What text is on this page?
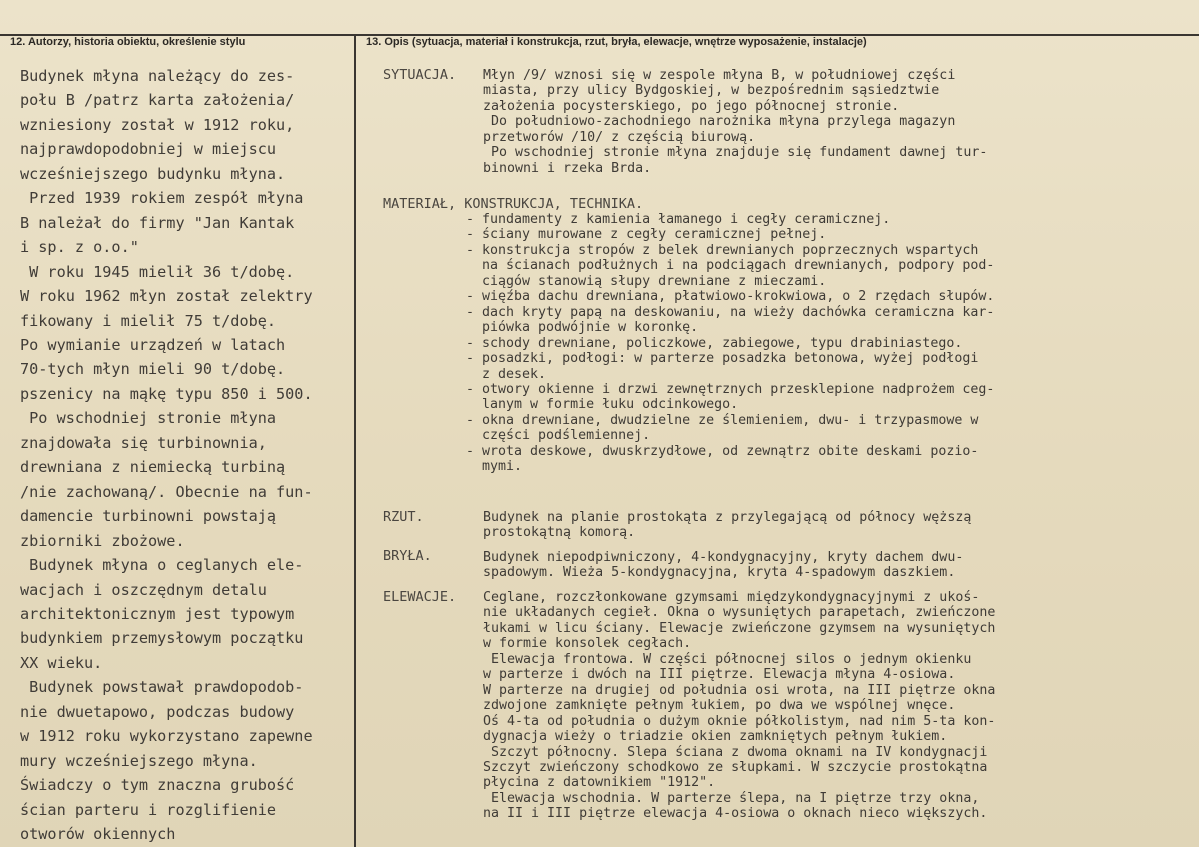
12. Autorzy, historia obiektu, określenie stylu	13. Opis (sytuacja, materiał i konstrukcja, rzut, bryła, elewacje, wnętrze wyposażenie, instalacje)
Budynek młyna należący do zes-
połu B /patrz karta założenia/
wzniesiony został w 1912 roku,
najprawdopodobniej w miejscu
wcześniejszego budynku młyna.
Przed 1939 rokiem zespół młyna
B należał do firmy "Jan Kantak
i sp. z o.o."
W roku 1945 mielił 36 t/dobę.
W roku 1962 młyn został zelektry
fikowany i mielił 75 t/dobę.
Po wymianie urządzeń w latach
70-tych młyn mieli 90 t/dobę.
pszenicy na mąkę typu 850 i 500.
Po wschodniej stronie młyna
znajdowała się turbinownia,
drewniana z niemiecką turbiną
/nie zachowaną/. Obecnie na fun-
damencie turbinowni powstają
zbiorniki zbożowe.
Budynek młyna o ceglanych ele-
wacjach i oszczędnym detalu
architektonicznym jest typowym
budynkiem przemysłowym początku
XX wieku.
Budynek powstawał prawdopodob-
nie dwuetapowo, podczas budowy
w 1912 roku wykorzystano zapewne
mury wcześniejszego młyna.
Świadczy o tym znaczna grubość
ścian parteru i rozglifienie
otworów okiennych
SYTUACJA. Młyn /9/ wznosi się w zespole młyna B, w południowej części
miasta, przy ulicy Bydgoskiej, w bezpośrednim sąsiedztwie
założenia pocysterskiego, po jego północnej stronie.
Do południowo-zachodniego narożnika młyna przylega magazyn
przetworów /10/ z częścią biurową.
Po wschodniej stronie młyna znajduje się fundament dawnej tur-
binowni i rzeka Brda.
MATERIAŁ, KONSTRUKCJA, TECHNIKA.
- fundamenty z kamienia łamanego i cegły ceramicznej.
- ściany murowane z cegły ceramicznej pełnej.
- konstrukcja stropów z belek drewnianych poprzecznych wspartych
na ścianach podłużnych i na podciągach drewnianych, podpory pod-
ciągów stanowią słupy drewniane z mieczami.
- więźba dachu drewniana, płatwiowo-krokwiowa, o 2 rzędach słupów.
- dach kryty papą na deskowaniu, na wieży dachówka ceramiczna kar-
piówka podwójnie w koronkę.
- schody drewniane, policzkowe, zabiegowe, typu drabiniastego.
- posadzki, podłogi: w parterze posadzka betonowa, wyżej podłogi
z desek.
- otwory okienne i drzwi zewnętrznych przesklepione nadprożem ceg-
lanym w formie łuku odcinkowego.
- okna drewniane, dwudzielne ze ślemieniem, dwu- i trzypasmowe w
części podślemiennej.
- wrota deskowe, dwuskrzydłowe, od zewnątrz obite deskami pozio-
mymi.
RZUT.	Budynek na planie prostokąta z przylegającą od północy węższą
prostokątną komorą.
BRYŁA.	Budynek niepodpiwniczony, 4-kondygnacyjny, kryty dachem dwu-
spadowym. Wieża 5-kondygnacyjna, kryta 4-spadowym daszkiem.
ELEWACJE. Ceglane, rozczłonkowane gzymsami międzykondygnacyjnymi z ukoś-
nie układanych cegieł. Okna o wysuniętych parapetach, zwieńczone
łukami w licu ściany. Elewacje zwieńczone gzymsem na wysuniętych
w formie konsolek cegłach.
Elewacja frontowa. W części północnej silos o jednym okienku
w parterze i dwóch na III piętrze. Elewacja młyna 4-osiowa.
W parterze na drugiej od południa osi wrota, na III piętrze okna
zdwojone zamknięte pełnym łukiem, po dwa we wspólnej wnęce.
Oś 4-ta od południa o dużym oknie półkolistym, nad nim 5-ta kon-
dygnacja wieży o triadzie okien zamkniętych pełnym łukiem.
Szczyt północny. Ślepa ściana z dwoma oknami na IV kondygnacji
Szczyt zwieńczony schodkowo ze słupkami. W szczycie prostokątna
płycina z datownikiem "1912".
Elewacja wschodnia. W parterze ślepa, na I piętrze trzy okna,
na II i III piętrze elewacja 4-osiowa o oknach nieco większych.
